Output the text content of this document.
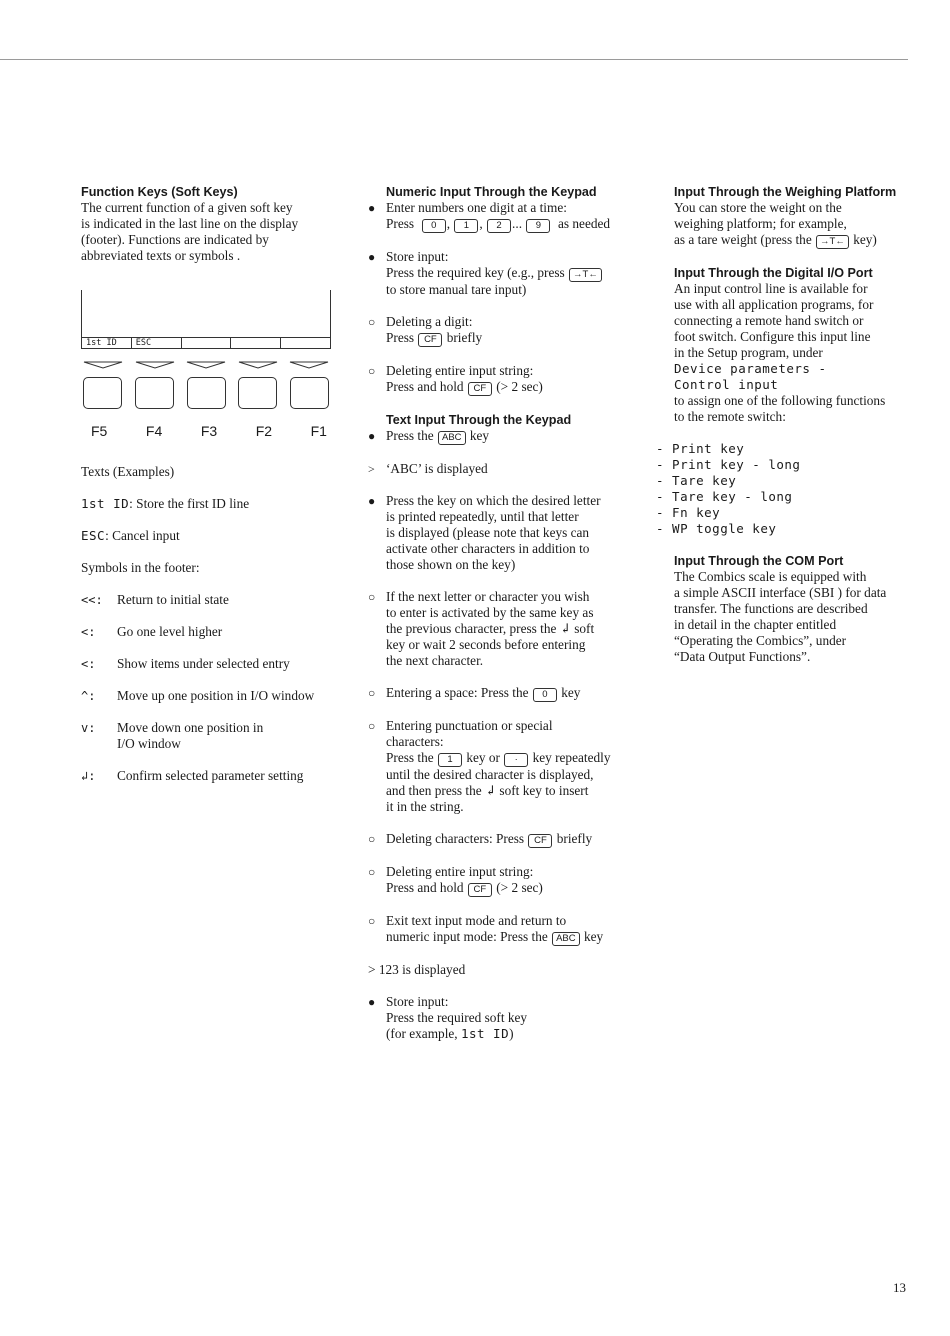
Function Keys (Soft Keys)
The current function of a given soft key
is indicated in the last line on the display
(footer). Functions are indicated by
abbreviated texts or symbols .
1st ID	ESC
F5	F4	F3	F2	F1
Texts (Examples)
1st ID: Store the first ID line
ESC: Cancel input
Symbols in the footer:
<<:	Return to initial state
<:	Go one level higher
<:	Show items under selected entry
^:	Move up one position in I/O window
v:	Move down one position in
I/O window
↲:	Confirm selected parameter setting
Numeric Input Through the Keypad
●
Enter numbers one digit at a time:
Press 0 , 1 , 2 ... 9 as needed
●
Store input:
Press the required key (e.g., press →T←
to store manual tare input)
○
Deleting a digit:
Press CF briefly
○
Deleting entire input string:
Press and hold CF (> 2 sec)
Text Input Through the Keypad
●
Press the ABC key
>
‘ABC’ is displayed
●
Press the key on which the desired letter
is printed repeatedly, until that letter
is displayed (please note that keys can
activate other characters in addition to
those shown on the key)
○
If the next letter or character you wish
to enter is activated by the same key as
the previous character, press the ↲ soft
key or wait 2 seconds before entering
the next character.
○
Entering a space: Press the 0 key
○
Entering punctuation or special
characters:
Press the 1 key or · key repeatedly
until the desired character is displayed,
and then press the ↲ soft key to insert
it in the string.
○
Deleting characters: Press CF briefly
○
Deleting entire input string:
Press and hold CF (> 2 sec)
○
Exit text input mode and return to
numeric input mode: Press the ABC key
> 123 is displayed
●
Store input:
Press the required soft key
(for example, 1st ID)
Input Through the Weighing Platform
You can store the weight on the
weighing platform; for example,
as a tare weight (press the →T← key)
Input Through the Digital I/O Port
An input control line is available for
use with all application programs, for
connecting a remote hand switch or
foot switch. Configure this input line
in the Setup program, under
Device parameters -
Control input
to assign one of the following functions
to the remote switch:
- Print key
- Print key - long
- Tare key
- Tare key - long
- Fn key
- WP toggle key
Input Through the COM Port
The Combics scale is equipped with
a simple ASCII interface (SBI ) for data
transfer. The functions are described
in detail in the chapter entitled
“Operating the Combics”, under
“Data Output Functions”.
13
